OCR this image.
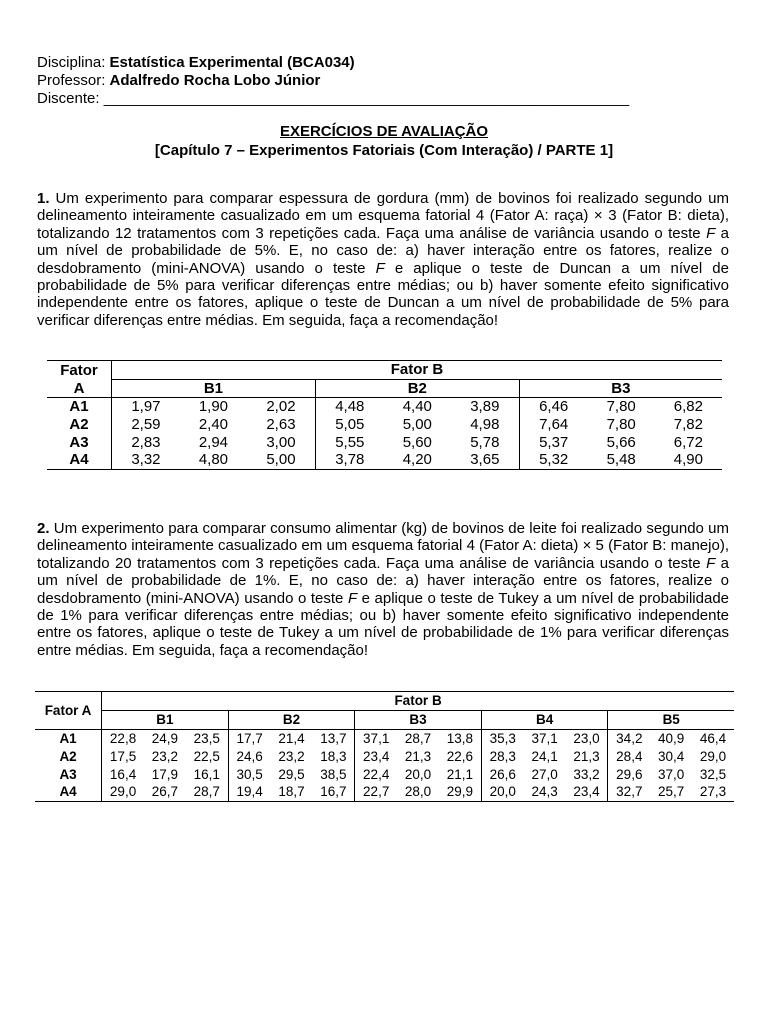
Disciplina: Estatística Experimental (BCA034)
Professor: Adalfredo Rocha Lobo Júnior
Discente: _______________________________________________________________
EXERCÍCIOS DE AVALIAÇÃO
[Capítulo 7 – Experimentos Fatoriais (Com Interação) / PARTE 1]
1. Um experimento para comparar espessura de gordura (mm) de bovinos foi realizado segundo um delineamento inteiramente casualizado em um esquema fatorial 4 (Fator A: raça) × 3 (Fator B: dieta), totalizando 12 tratamentos com 3 repetições cada. Faça uma análise de variância usando o teste F a um nível de probabilidade de 5%. E, no caso de: a) haver interação entre os fatores, realize o desdobramento (mini-ANOVA) usando o teste F e aplique o teste de Duncan a um nível de probabilidade de 5% para verificar diferenças entre médias; ou b) haver somente efeito significativo independente entre os fatores, aplique o teste de Duncan a um nível de probabilidade de 5% para verificar diferenças entre médias. Em seguida, faça a recomendação!
Fator	Fator B								
A	B1			B2			B3		
A1	1,97	1,90	2,02	4,48	4,40	3,89	6,46	7,80	6,82
A2	2,59	2,40	2,63	5,05	5,00	4,98	7,64	7,80	7,82
A3	2,83	2,94	3,00	5,55	5,60	5,78	5,37	5,66	6,72
A4	3,32	4,80	5,00	3,78	4,20	3,65	5,32	5,48	4,90
2. Um experimento para comparar consumo alimentar (kg) de bovinos de leite foi realizado segundo um delineamento inteiramente casualizado em um esquema fatorial 4 (Fator A: dieta) × 5 (Fator B: manejo), totalizando 20 tratamentos com 3 repetições cada. Faça uma análise de variância usando o teste F a um nível de probabilidade de 1%. E, no caso de: a) haver interação entre os fatores, realize o desdobramento (mini-ANOVA) usando o teste F e aplique o teste de Tukey a um nível de probabilidade de 1% para verificar diferenças entre médias; ou b) haver somente efeito significativo independente entre os fatores, aplique o teste de Tukey a um nível de probabilidade de 1% para verificar diferenças entre médias. Em seguida, faça a recomendação!
Fator A	Fator B														
	B1			B2			B3			B4			B5		
A1	22,8	24,9	23,5	17,7	21,4	13,7	37,1	28,7	13,8	35,3	37,1	23,0	34,2	40,9	46,4
A2	17,5	23,2	22,5	24,6	23,2	18,3	23,4	21,3	22,6	28,3	24,1	21,3	28,4	30,4	29,0
A3	16,4	17,9	16,1	30,5	29,5	38,5	22,4	20,0	21,1	26,6	27,0	33,2	29,6	37,0	32,5
A4	29,0	26,7	28,7	19,4	18,7	16,7	22,7	28,0	29,9	20,0	24,3	23,4	32,7	25,7	27,3
